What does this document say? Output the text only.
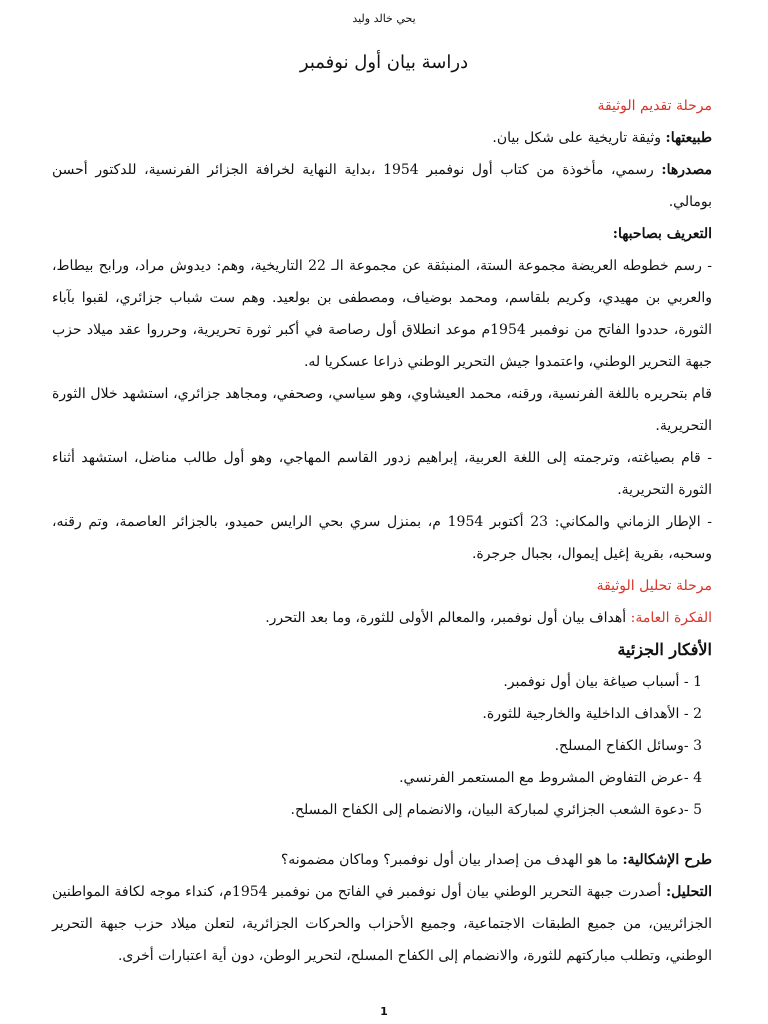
يحي خالد وليد
دراسة بيان أول نوفمبر

مرحلة تقديم الوثيقة

طبيعتها: وثيقة تاريخية على شكل بيان.

مصدرها: رسمي، مأخوذة من كتاب أول نوفمبر 1954 ،بداية النهاية لخرافة الجزائر الفرنسية، للدكتور أحسن بومالي.

التعريف بصاحبها:

- رسم خطوطه العريضة مجموعة الستة، المنبثقة عن مجموعة الـ 22 التاريخية، وهم: ديدوش مراد، ورابح بيطاط، والعربي بن مهيدي، وكريم بلقاسم، ومحمد بوضياف، ومصطفى بن بولعيد. وهم ست شباب جزائري، لقبوا بآباء الثورة، حددوا الفاتح من نوفمبر 1954م موعد انطلاق أول رصاصة في أكبر ثورة تحريرية، وحرروا عقد ميلاد حزب جبهة التحرير الوطني، واعتمدوا جيش التحرير الوطني ذراعا عسكريا له.

قام بتحريره باللغة الفرنسية، ورقنه، محمد العيشاوي، وهو سياسي، وصحفي، ومجاهد جزائري، استشهد خلال الثورة التحريرية.

- قام بصياغته، وترجمته إلى اللغة العربية، إبراهيم زدور القاسم المهاجي، وهو أول طالب مناضل، استشهد أثناء الثورة التحريرية.

- الإطار الزماني والمكاني: 23 أكتوبر 1954 م، بمنزل سري بحي الرايس حميدو، بالجزائر العاصمة، وتم رقنه، وسحبه، بقرية إغيل إيموال، بجبال جرجرة.

مرحلة تحليل الوثيقة

الفكرة العامة: أهداف بيان أول نوفمبر، والمعالم الأولى للثورة، وما بعد التحرر.

الأفكار الجزئية

1 - أسباب صياغة بيان أول نوفمبر.

2 - الأهداف الداخلية والخارجية للثورة.

3 -وسائل الكفاح المسلح.

4 -عرض التفاوض المشروط مع المستعمر الفرنسي.

5 -دعوة الشعب الجزائري لمباركة البيان، والانضمام إلى الكفاح المسلح.

طرح الإشكالية: ما هو الهدف من إصدار بيان أول نوفمبر؟ وماكان مضمونه؟

التحليل: أصدرت جبهة التحرير الوطني بيان أول نوفمبر في الفاتح من نوفمبر 1954م، كنداء موجه لكافة المواطنين الجزائريين، من جميع الطبقات الاجتماعية، وجميع الأحزاب والحركات الجزائرية، لتعلن ميلاد حزب جبهة التحرير الوطني، وتطلب مباركتهم للثورة، والانضمام إلى الكفاح المسلح، لتحرير الوطن، دون أية اعتبارات أخرى.

1
